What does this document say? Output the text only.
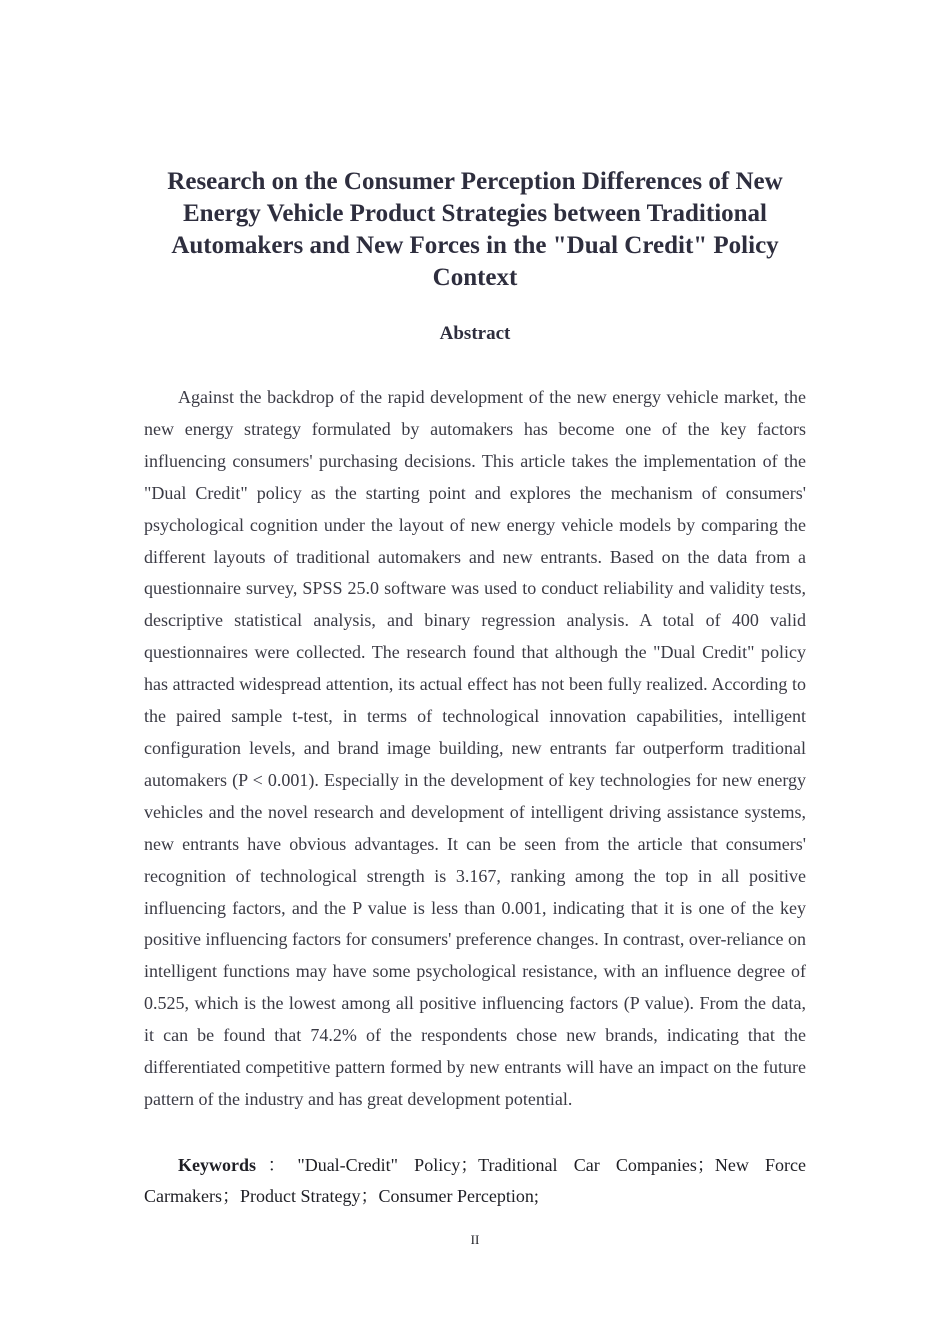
Research on the Consumer Perception Differences of New Energy Vehicle Product Strategies between Traditional Automakers and New Forces in the "Dual Credit" Policy Context
Abstract

Against the backdrop of the rapid development of the new energy vehicle market, the new energy strategy formulated by automakers has become one of the key factors influencing consumers' purchasing decisions. This article takes the implementation of the "Dual Credit" policy as the starting point and explores the mechanism of consumers' psychological cognition under the layout of new energy vehicle models by comparing the different layouts of traditional automakers and new entrants. Based on the data from a questionnaire survey, SPSS 25.0 software was used to conduct reliability and validity tests, descriptive statistical analysis, and binary regression analysis. A total of 400 valid questionnaires were collected. The research found that although the "Dual Credit" policy has attracted widespread attention, its actual effect has not been fully realized. According to the paired sample t-test, in terms of technological innovation capabilities, intelligent configuration levels, and brand image building, new entrants far outperform traditional automakers (P < 0.001). Especially in the development of key technologies for new energy vehicles and the novel research and development of intelligent driving assistance systems, new entrants have obvious advantages. It can be seen from the article that consumers' recognition of technological strength is 3.167, ranking among the top in all positive influencing factors, and the P value is less than 0.001, indicating that it is one of the key positive influencing factors for consumers' preference changes. In contrast, over-reliance on intelligent functions may have some psychological resistance, with an influence degree of 0.525, which is the lowest among all positive influencing factors (P value). From the data, it can be found that 74.2% of the respondents chose new brands, indicating that the differentiated competitive pattern formed by new entrants will have an impact on the future pattern of the industry and has great development potential.

Keywords："Dual-Credit" Policy；Traditional Car Companies；New Force Carmakers；Product Strategy；Consumer Perception;

II
